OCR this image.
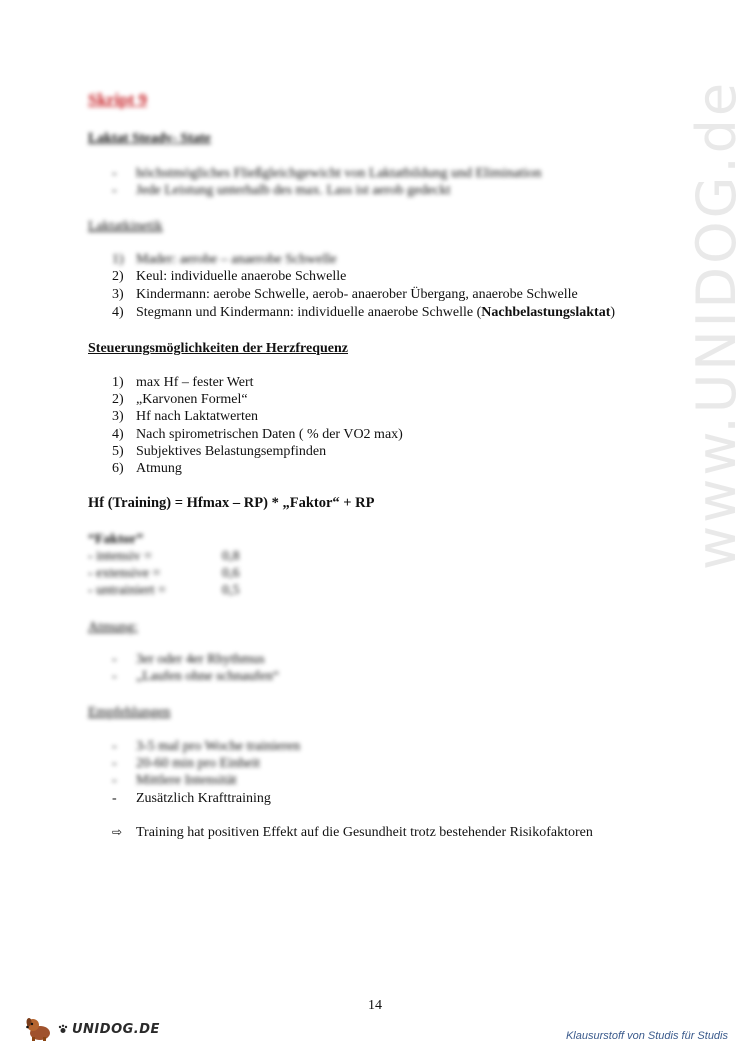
www.UNIDOG.de
Skript 9
Laktat Steady- State
- höchstmögliches Fließgleichgewicht von Laktatbildung und Elimination
- Jede Leistung unterhalb des max. Lass ist aerob gedeckt
Laktatkinetik
1) Mader: aerobe – anaerobe Schwelle
2) Keul: individuelle anaerobe Schwelle
3) Kindermann: aerobe Schwelle, aerob- anaerober Übergang, anaerobe Schwelle
4) Stegmann und Kindermann: individuelle anaerobe Schwelle (Nachbelastungslaktat)
Steuerungsmöglichkeiten der Herzfrequenz
1) max Hf – fester Wert
2) „Karvonen Formel“
3) Hf nach Laktatwerten
4) Nach spirometrischen Daten ( % der VO2 max)
5) Subjektives Belastungsempfinden
6) Atmung
Hf (Training) = Hfmax – RP) * „Faktor“ + RP
“Faktor”
- intensiv =	0,8
- extensive =	0,6
- untrainiert =	0,5
Atmung:
- 3er oder 4er Rhythmus
- „Laufen ohne schnaufen“
Empfehlungen
- 3-5 mal pro Woche trainieren
- 20-60 min pro Einheit
- Mittlere Intensität
- Zusätzlich Krafttraining
⇨ Training hat positiven Effekt auf die Gesundheit trotz bestehender Risikofaktoren
14
UNIDOG.DE	Klausurstoff von Studis für Studis
